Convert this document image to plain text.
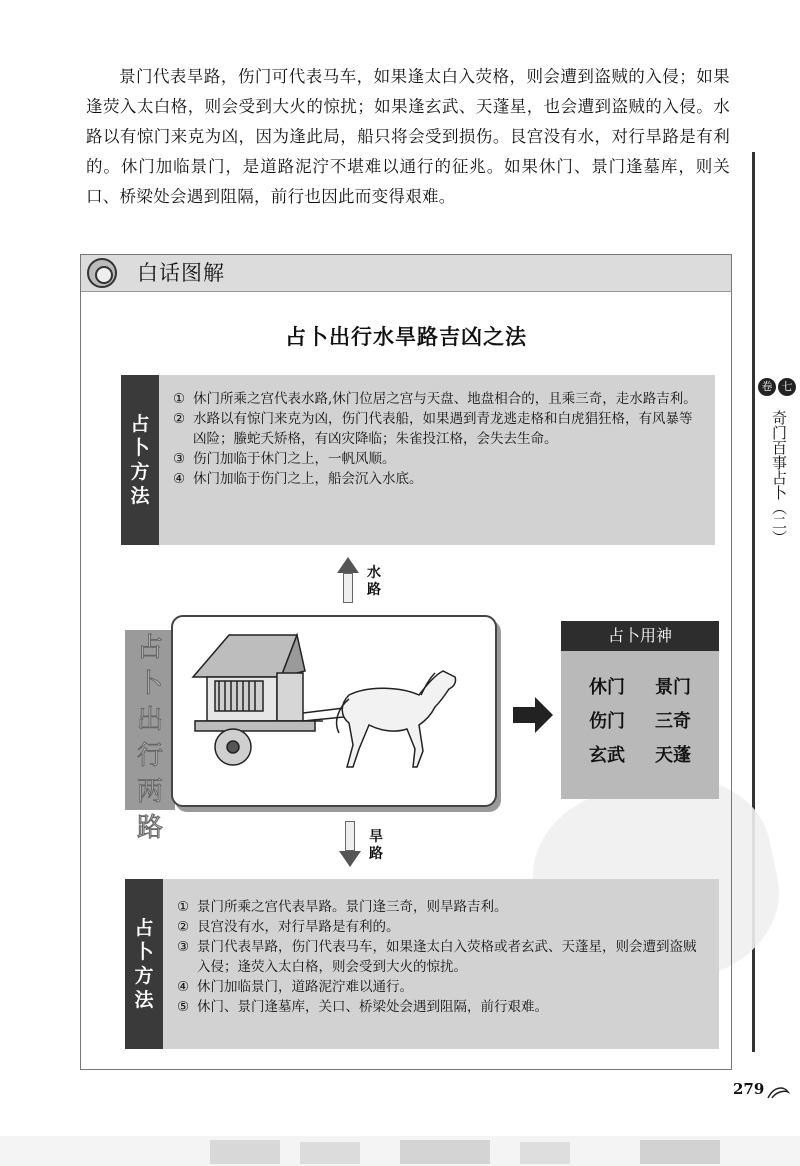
景门代表旱路，伤门可代表马车，如果逢太白入荧格，则会遭到盗贼的入侵；如果逢荧入太白格，则会受到大火的惊扰；如果逢玄武、天蓬星，也会遭到盗贼的入侵。水路以有惊门来克为凶，因为逢此局，船只将会受到损伤。艮宫没有水，对行旱路是有利的。休门加临景门，是道路泥泞不堪难以通行的征兆。如果休门、景门逢墓库，则关口、桥梁处会遇到阻隔，前行也因此而变得艰难。

卷 七
奇门百事占卜（二）
白话图解
占卜出行水旱路吉凶之法
占
卜
方
法
① 休门所乘之宫代表水路,休门位居之宫与天盘、地盘相合的，且乘三奇，走水路吉利。
② 水路以有惊门来克为凶，伤门代表船，如果遇到青龙逃走格和白虎猖狂格，有风暴等凶险；螣蛇夭矫格，有凶灾降临；朱雀投江格，会失去生命。
③ 伤门加临于休门之上，一帆风顺。
④ 休门加临于伤门之上，船会沉入水底。
水
路
占
卜
出
行
两
路
占卜用神
休门	景门
伤门	三奇
玄武	天蓬
旱
路
占
卜
方
法
① 景门所乘之宫代表旱路。景门逢三奇，则旱路吉利。
② 艮宫没有水，对行旱路是有利的。
③ 景门代表旱路，伤门代表马车，如果逢太白入荧格或者玄武、天蓬星，则会遭到盗贼入侵；逢荧入太白格，则会受到大火的惊扰。
④ 休门加临景门，道路泥泞难以通行。
⑤ 休门、景门逢墓库，关口、桥梁处会遇到阻隔，前行艰难。
279
